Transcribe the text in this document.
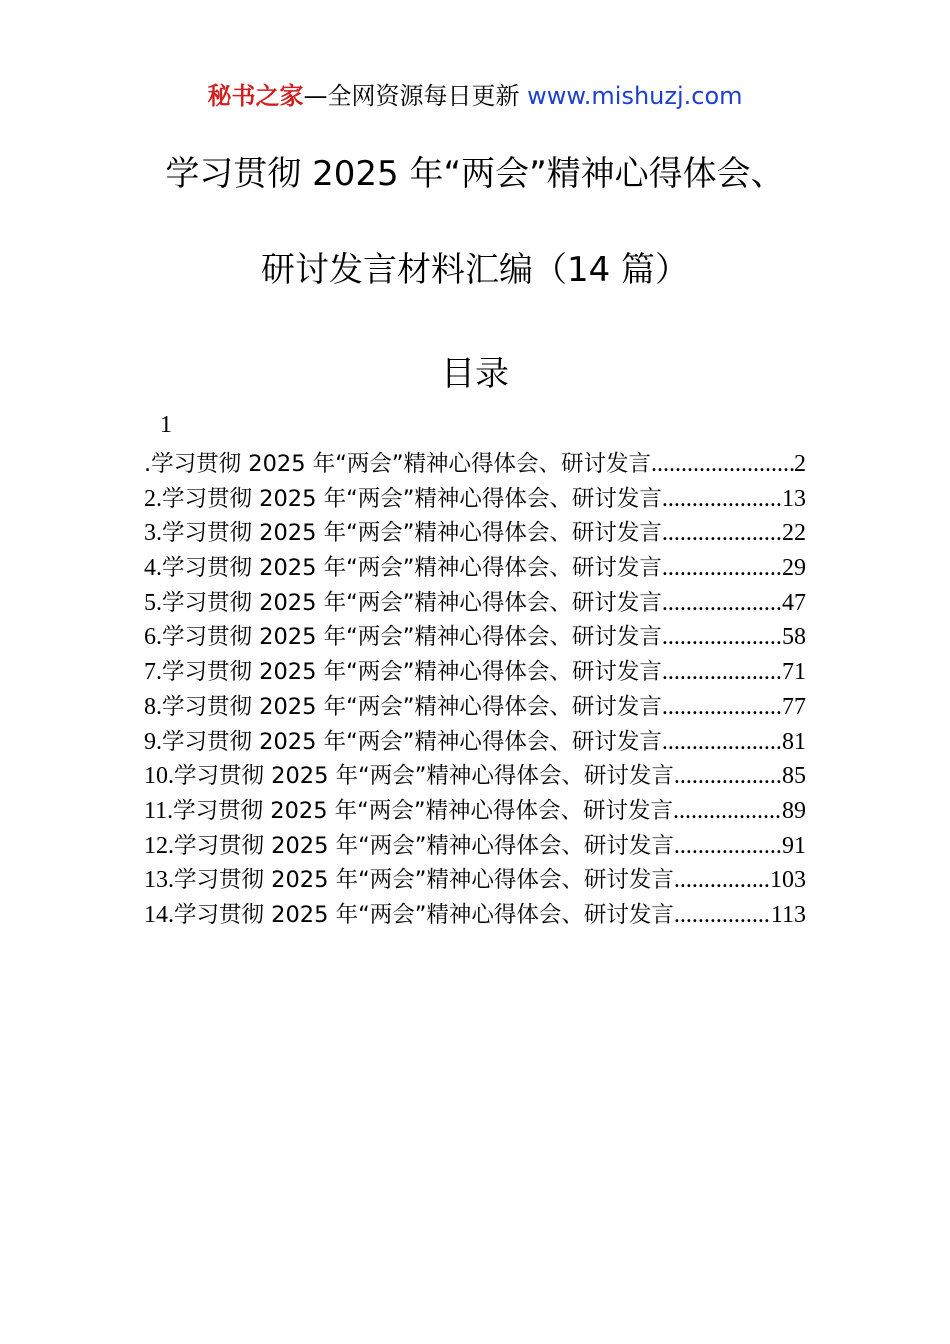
秘书之家—全网资源每日更新 www.mishuzj.com
学习贯彻 2025 年“两会”精神心得体会、
研讨发言材料汇编（14 篇）
目录
1
.学习贯彻 2025 年“两会”精神心得体会、研讨发言 .....	2
2. 学习贯彻 2025 年“两会”精神心得体会、研讨发言 .....	13
3. 学习贯彻 2025 年“两会”精神心得体会、研讨发言 .....	22
4. 学习贯彻 2025 年“两会”精神心得体会、研讨发言 .....	29
5. 学习贯彻 2025 年“两会”精神心得体会、研讨发言 .....	47
6. 学习贯彻 2025 年“两会”精神心得体会、研讨发言 .....	58
7. 学习贯彻 2025 年“两会”精神心得体会、研讨发言 .....	71
8. 学习贯彻 2025 年“两会”精神心得体会、研讨发言 .....	77
9. 学习贯彻 2025 年“两会”精神心得体会、研讨发言 .....	81
10. 学习贯彻 2025 年“两会”精神心得体会、研讨发言 .....	85
11. 学习贯彻 2025 年“两会”精神心得体会、研讨发言 .....	89
12. 学习贯彻 2025 年“两会”精神心得体会、研讨发言 .....	91
13. 学习贯彻 2025 年“两会”精神心得体会、研讨发言 .....	103
14. 学习贯彻 2025 年“两会”精神心得体会、研讨发言 .....	113
